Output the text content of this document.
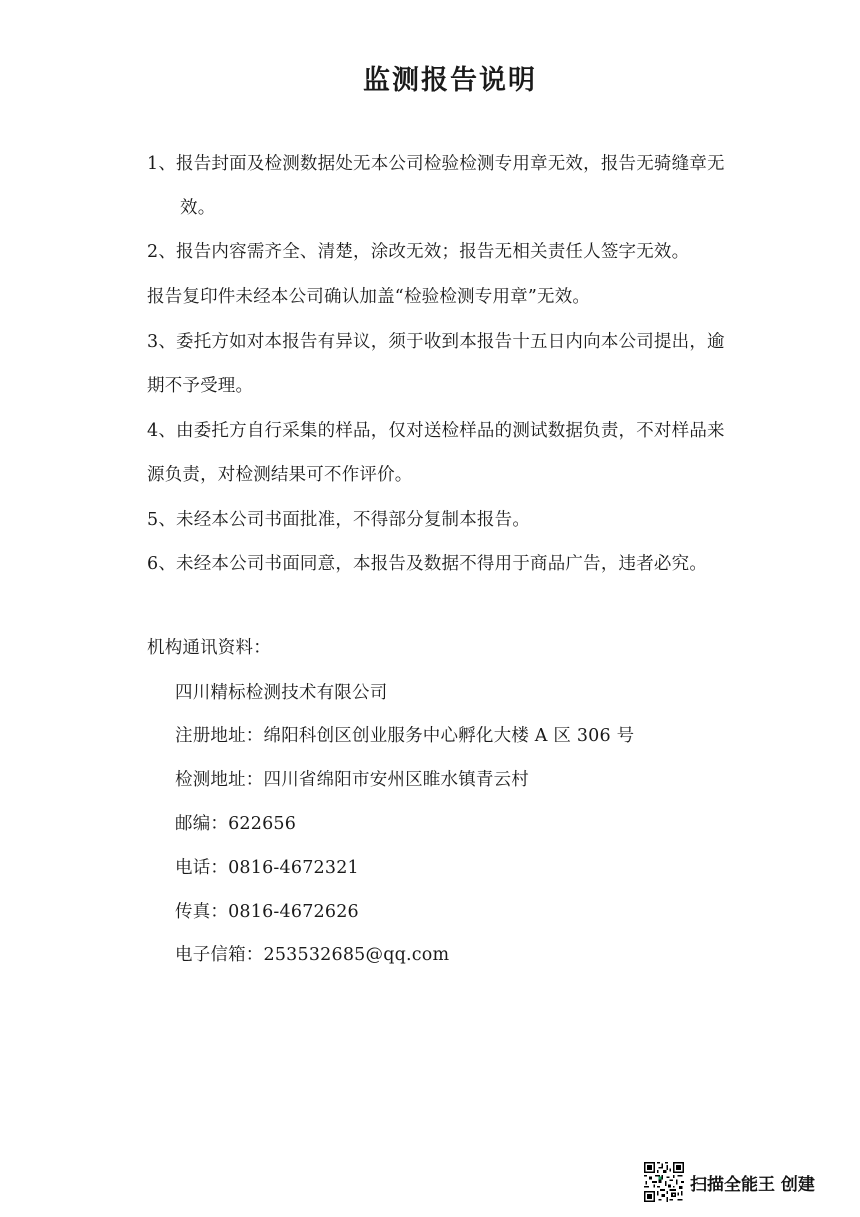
监测报告说明

1、报告封面及检测数据处无本公司检验检测专用章无效，报告无骑缝章无

效。

2、报告内容需齐全、清楚，涂改无效；报告无相关责任人签字无效。

报告复印件未经本公司确认加盖“检验检测专用章”无效。

3、委托方如对本报告有异议，须于收到本报告十五日内向本公司提出，逾

期不予受理。

4、由委托方自行采集的样品，仅对送检样品的测试数据负责，不对样品来

源负责，对检测结果可不作评价。

5、未经本公司书面批准，不得部分复制本报告。

6、未经本公司书面同意，本报告及数据不得用于商品广告，违者必究。

机构通讯资料：

四川精标检测技术有限公司

注册地址：绵阳科创区创业服务中心孵化大楼 A 区 306 号

检测地址：四川省绵阳市安州区睢水镇青云村

邮编：622656

电话：0816-4672321

传真：0816-4672626

电子信箱：253532685@qq.com

扫描全能王 创建
